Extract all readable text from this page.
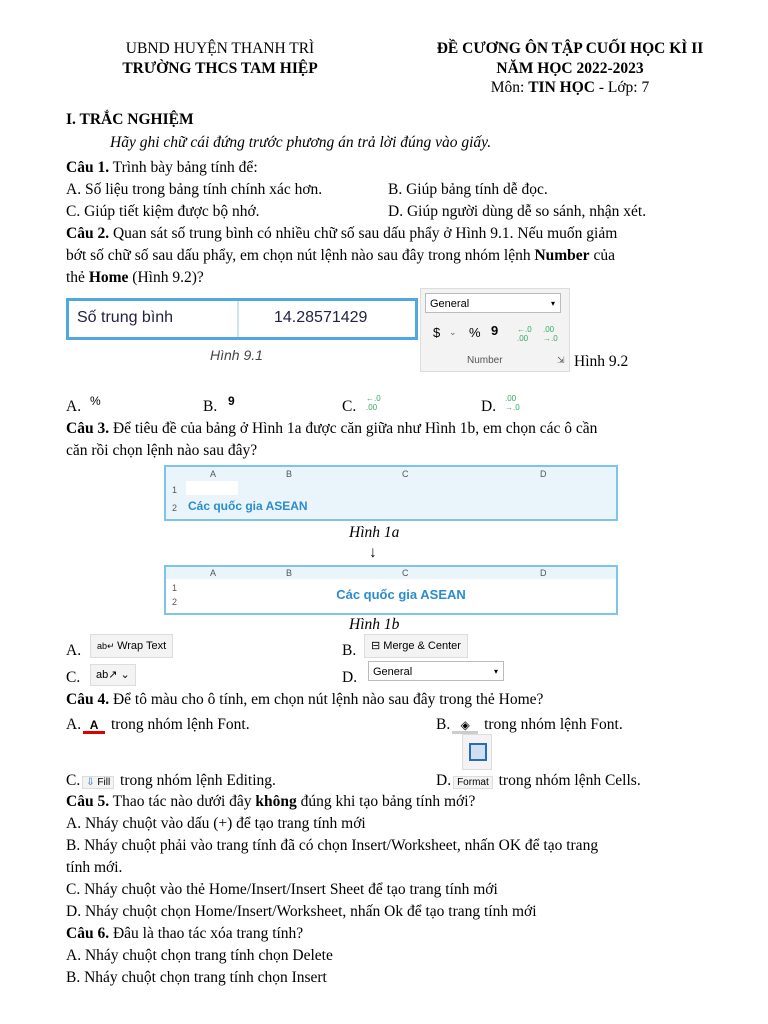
UBND HUYỆN THANH TRÌ
TRƯỜNG THCS TAM HIỆP
ĐỀ CƯƠNG ÔN TẬP CUỐI HỌC KÌ II
NĂM HỌC 2022-2023
Môn: TIN HỌC - Lớp: 7
I. TRẮC NGHIỆM
Hãy ghi chữ cái đứng trước phương án trả lời đúng vào giấy.
Câu 1. Trình bày bảng tính để:
A. Số liệu trong bảng tính chính xác hơn.	B. Giúp bảng tính dễ đọc.
C. Giúp tiết kiệm được bộ nhớ.	D. Giúp người dùng dễ so sánh, nhận xét.
Câu 2. Quan sát số trung bình có nhiều chữ số sau dấu phẩy ở Hình 9.1. Nếu muốn giảm
bớt số chữ số sau dấu phẩy, em chọn nút lệnh nào sau đây trong nhóm lệnh Number của
thẻ Home (Hình 9.2)?
Số trung bình	14.28571429
Hình 9.1
General	▾
$ ⌄ % 9 ←.0
.00
.00
→.0
Number	⇲ Hình 9.2
A. %	B. 9	C. ←.0 .00	D. .00 →.0
Câu 3. Để tiêu đề của bảng ở Hình 1a được căn giữa như Hình 1b, em chọn các ô cần
căn rồi chọn lệnh nào sau đây?
A	B	C	D
1
2 Các quốc gia ASEAN
Hình 1a
↓
A	B	C	D
1
2	Các quốc gia ASEAN
Hình 1b
A.	ab↵ Wrap Text	B.	⊟ Merge & Center
C.	ab↗ ⌄	D.	General	▾
Câu 4. Để tô màu cho ô tính, em chọn nút lệnh nào sau đây trong thẻ Home?
A. A trong nhóm lệnh Font.	B. ◈ trong nhóm lệnh Font.
C. ⇩ Fill trong nhóm lệnh Editing.	D. Format trong nhóm lệnh Cells.
Câu 5. Thao tác nào dưới đây không đúng khi tạo bảng tính mới?
A. Nháy chuột vào dấu (+) để tạo trang tính mới
B. Nháy chuột phải vào trang tính đã có chọn Insert/Worksheet, nhấn OK để tạo trang
tính mới.
C. Nháy chuột vào thẻ Home/Insert/Insert Sheet để tạo trang tính mới
D. Nháy chuột chọn Home/Insert/Worksheet, nhấn Ok để tạo trang tính mới
Câu 6. Đâu là thao tác xóa trang tính?
A. Nháy chuột chọn trang tính chọn Delete
B. Nháy chuột chọn trang tính chọn Insert
